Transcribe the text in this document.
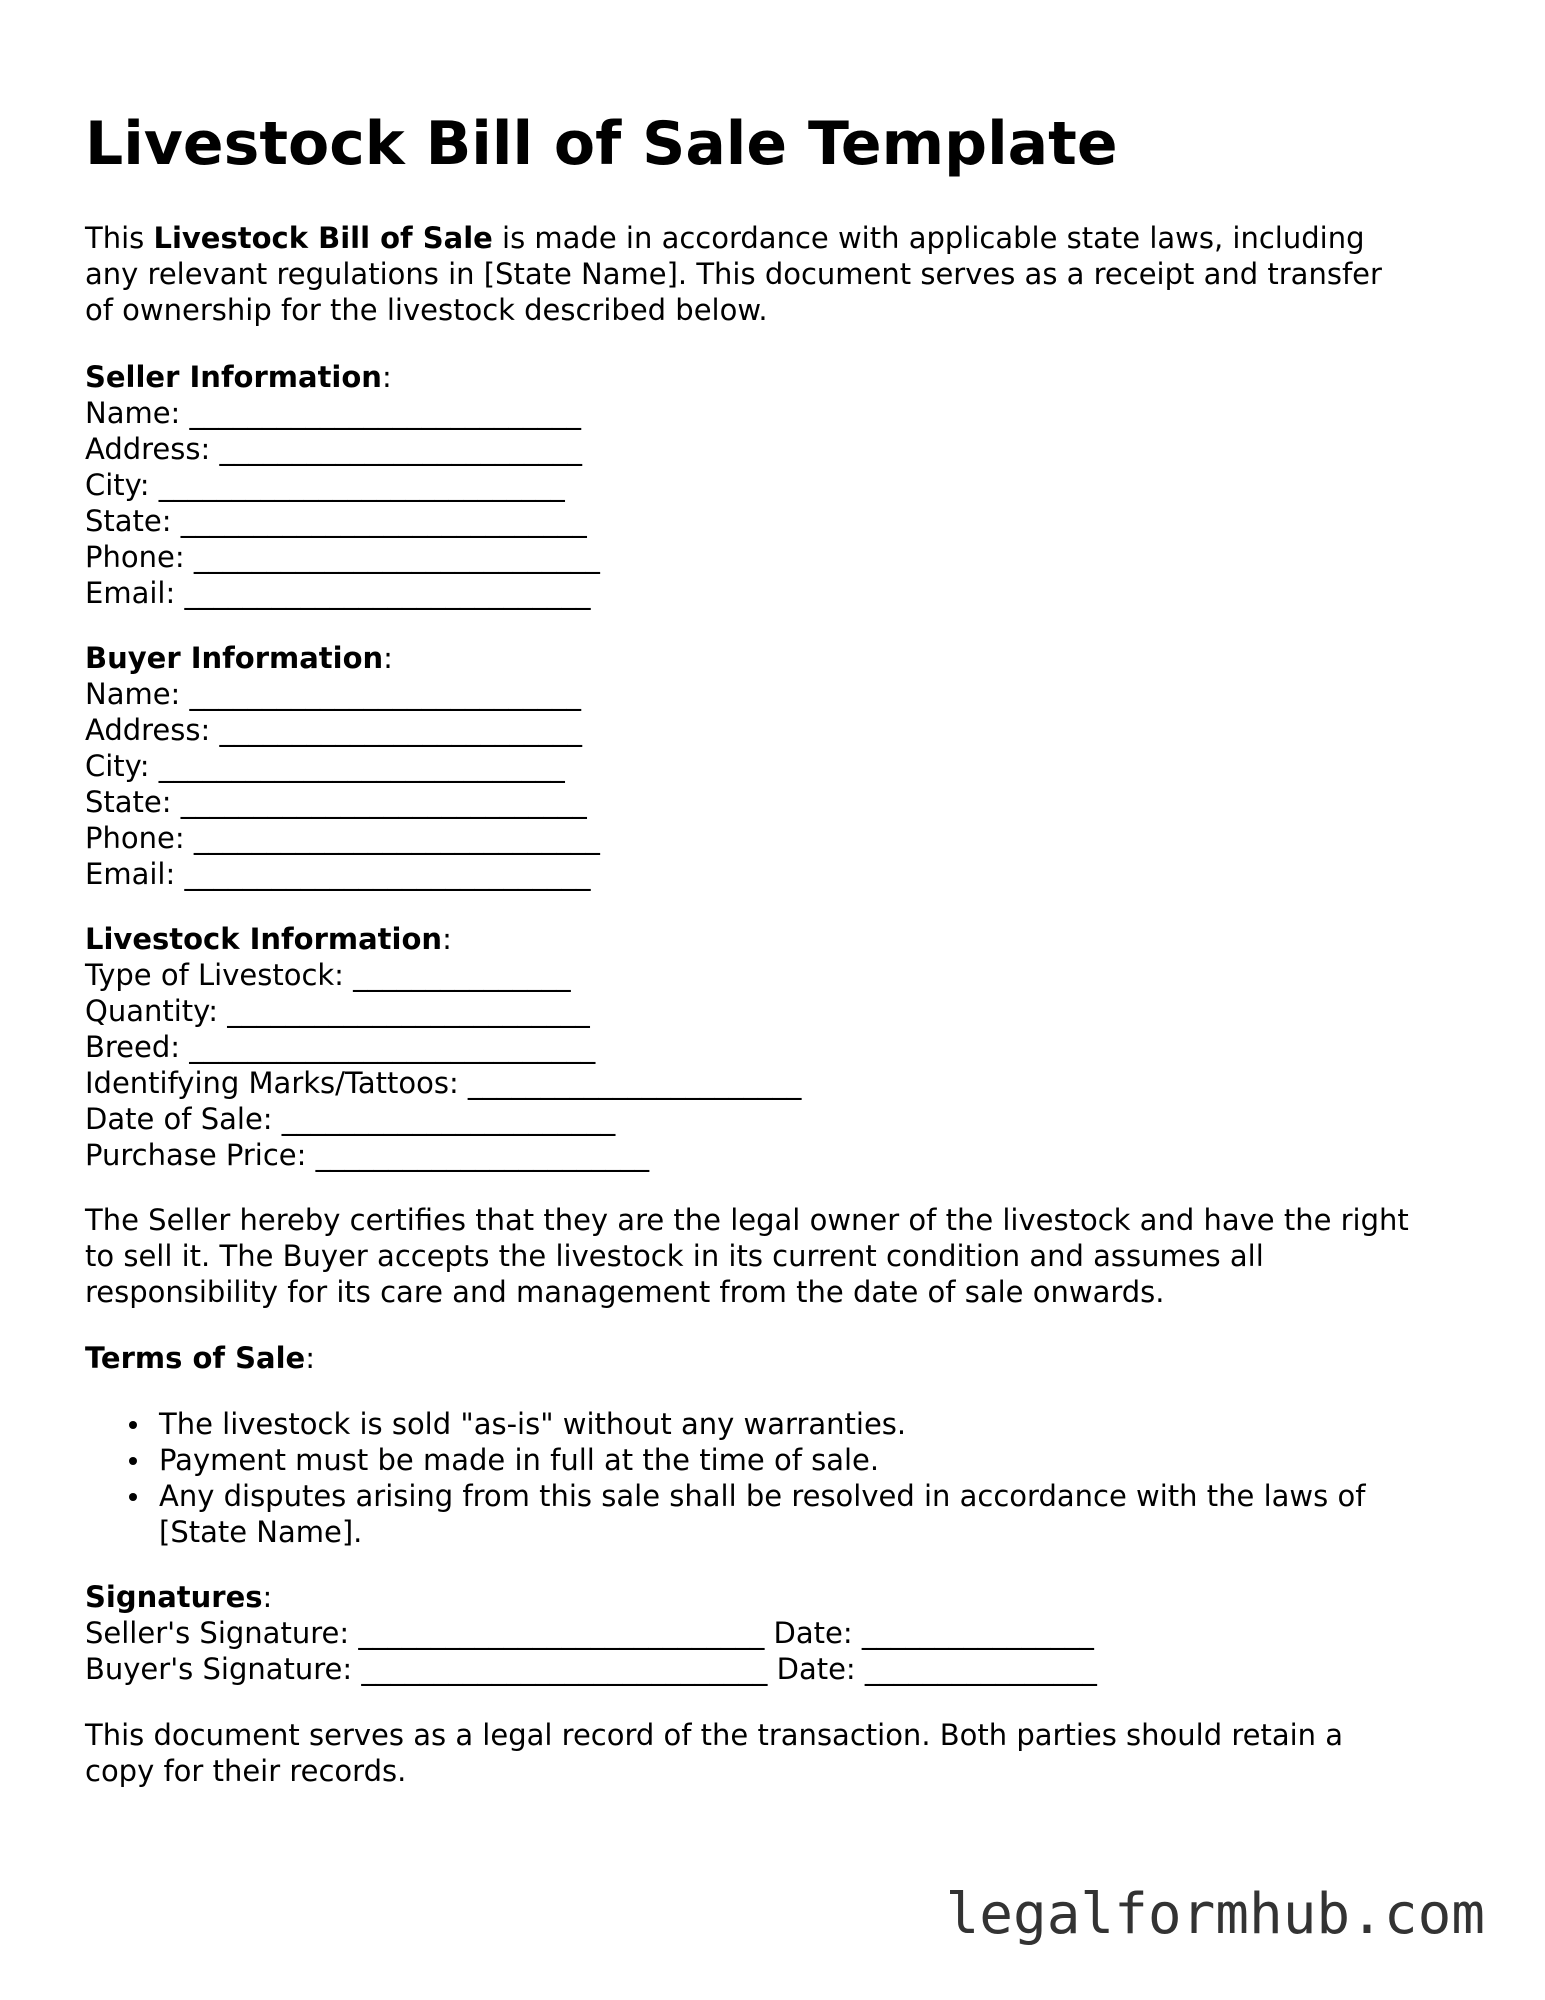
Livestock Bill of Sale Template

This Livestock Bill of Sale is made in accordance with applicable state laws, including
any relevant regulations in [State Name]. This document serves as a receipt and transfer
of ownership for the livestock described below.

Seller Information:
Name: ___________________________
Address: _________________________
City: ____________________________
State: ____________________________
Phone: ____________________________
Email: ____________________________
Buyer Information:
Name: ___________________________
Address: _________________________
City: ____________________________
State: ____________________________
Phone: ____________________________
Email: ____________________________
Livestock Information:
Type of Livestock: _______________
Quantity: _________________________
Breed: ____________________________
Identifying Marks/Tattoos: _______________________
Date of Sale: _______________________
Purchase Price: _______________________

The Seller hereby certifies that they are the legal owner of the livestock and have the right
to sell it. The Buyer accepts the livestock in its current condition and assumes all
responsibility for its care and management from the date of sale onwards.

Terms of Sale:
The livestock is sold "as-is" without any warranties.
Payment must be made in full at the time of sale.
Any disputes arising from this sale shall be resolved in accordance with the laws of
[State Name].
Signatures:
Seller's Signature: ____________________________ Date: ________________
Buyer's Signature: ____________________________ Date: ________________

This document serves as a legal record of the transaction. Both parties should retain a
copy for their records.

legalformhub.com
